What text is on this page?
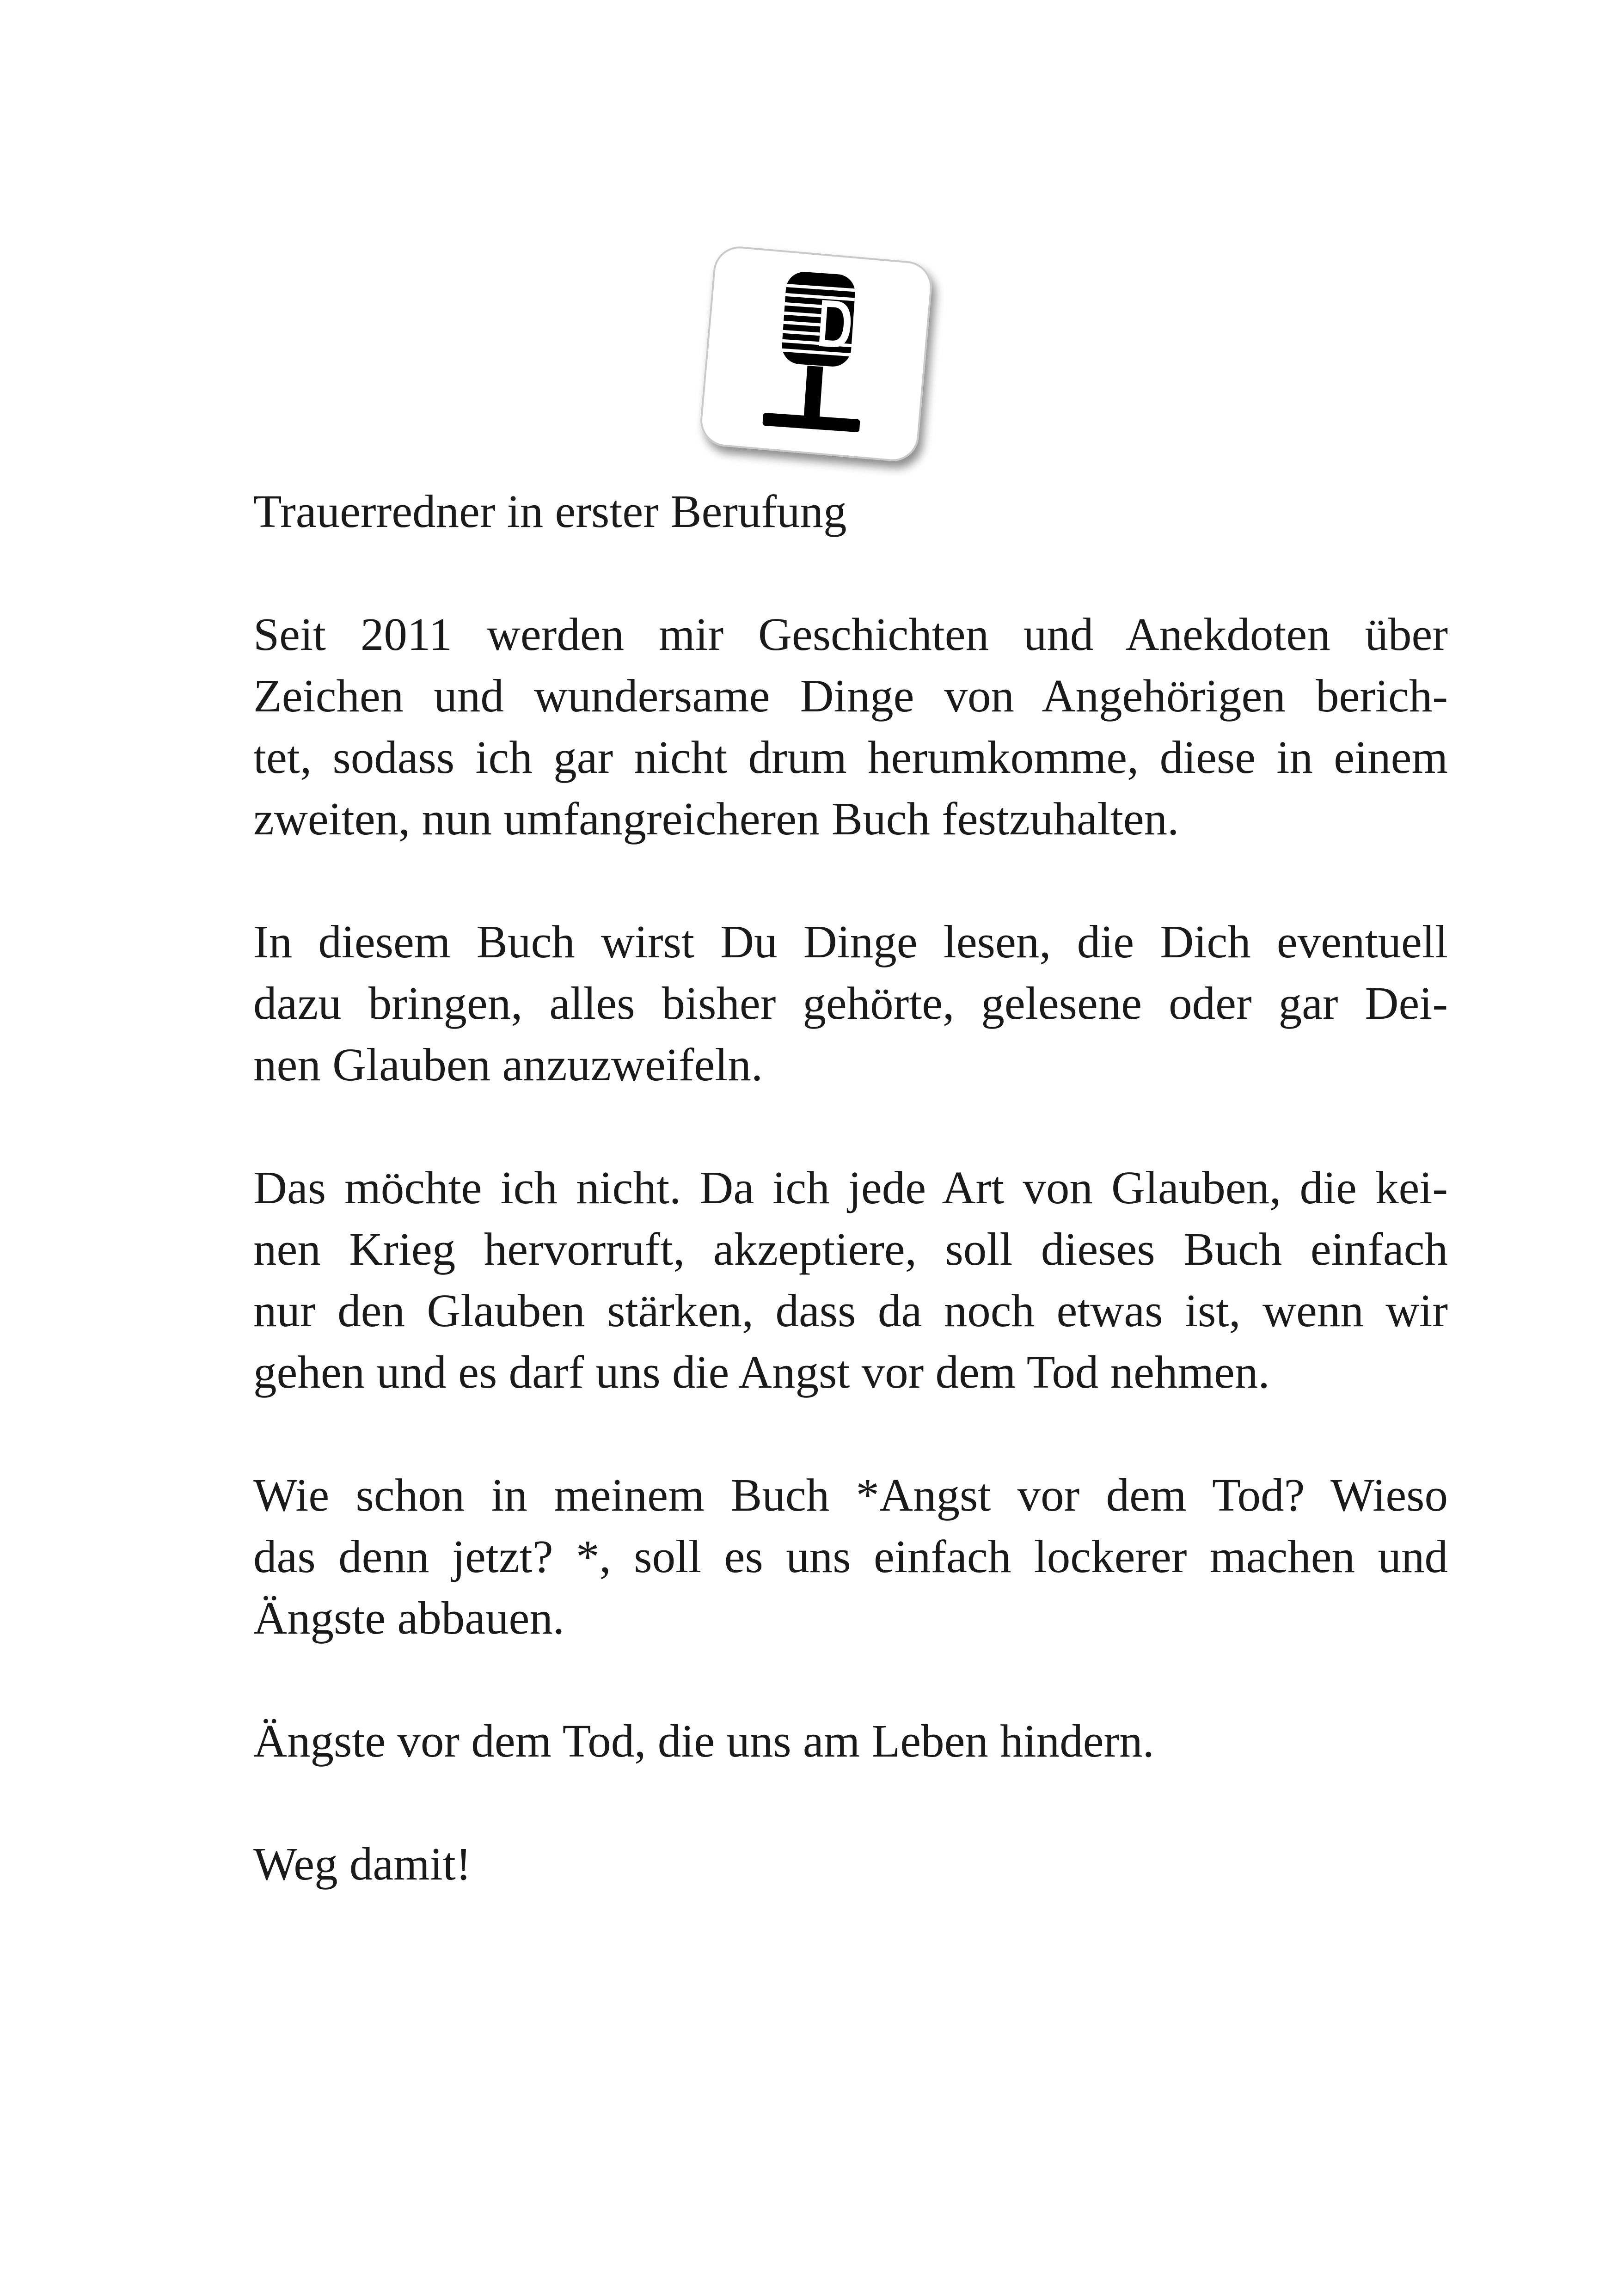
Trauerredner in erster Berufung

Seit 2011 werden mir Geschichten und Anekdoten über
Zeichen und wundersame Dinge von Angehörigen berich-
tet, sodass ich gar nicht drum herumkomme, diese in einem
zweiten, nun umfangreicheren Buch festzuhalten.

In diesem Buch wirst Du Dinge lesen, die Dich eventuell
dazu bringen, alles bisher gehörte, gelesene oder gar Dei-
nen Glauben anzuzweifeln.

Das möchte ich nicht. Da ich jede Art von Glauben, die kei-
nen Krieg hervorruft, akzeptiere, soll dieses Buch einfach
nur den Glauben stärken, dass da noch etwas ist, wenn wir
gehen und es darf uns die Angst vor dem Tod nehmen.

Wie schon in meinem Buch *Angst vor dem Tod? Wieso
das denn jetzt? *, soll es uns einfach lockerer machen und
Ängste abbauen.

Ängste vor dem Tod, die uns am Leben hindern.

Weg damit!
